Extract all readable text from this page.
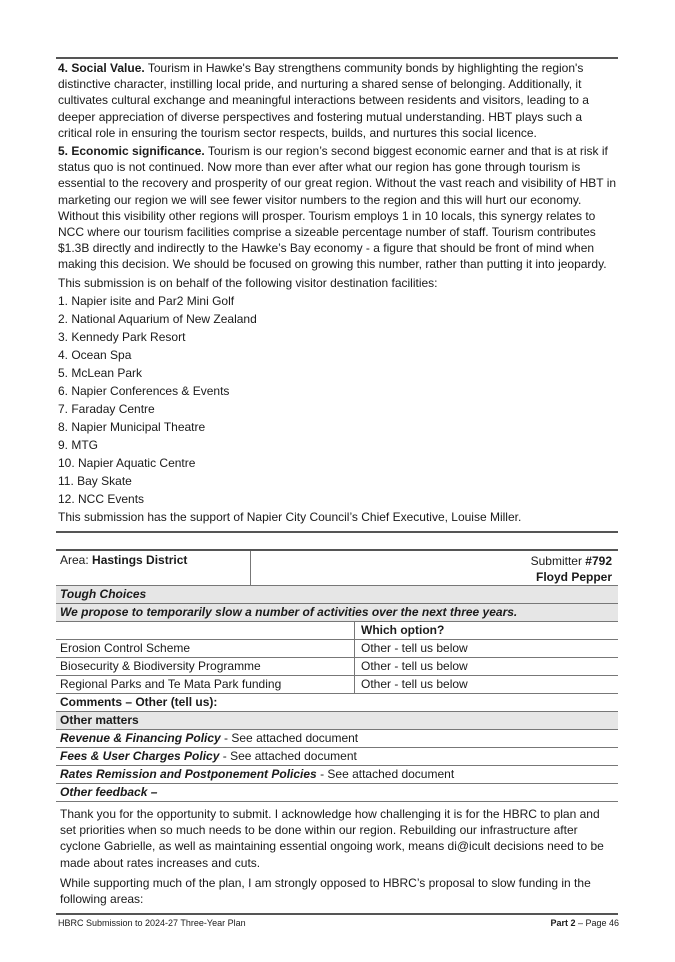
4. Social Value. Tourism in Hawke's Bay strengthens community bonds by highlighting the region's distinctive character, instilling local pride, and nurturing a shared sense of belonging. Additionally, it cultivates cultural exchange and meaningful interactions between residents and visitors, leading to a deeper appreciation of diverse perspectives and fostering mutual understanding. HBT plays such a critical role in ensuring the tourism sector respects, builds, and nurtures this social licence.

5. Economic significance. Tourism is our region’s second biggest economic earner and that is at risk if status quo is not continued. Now more than ever after what our region has gone through tourism is essential to the recovery and prosperity of our great region. Without the vast reach and visibility of HBT in marketing our region we will see fewer visitor numbers to the region and this will hurt our economy. Without this visibility other regions will prosper. Tourism employs 1 in 10 locals, this synergy relates to NCC where our tourism facilities comprise a sizeable percentage number of staff. Tourism contributes $1.3B directly and indirectly to the Hawke’s Bay economy - a figure that should be front of mind when making this decision. We should be focused on growing this number, rather than putting it into jeopardy.

This submission is on behalf of the following visitor destination facilities:

1. Napier isite and Par2 Mini Golf
2. National Aquarium of New Zealand
3. Kennedy Park Resort
4. Ocean Spa
5. McLean Park
6. Napier Conferences & Events
7. Faraday Centre
8. Napier Municipal Theatre
9. MTG
10. Napier Aquatic Centre
11. Bay Skate
12. NCC Events

This submission has the support of Napier City Council’s Chief Executive, Louise Miller.

Area: Hastings District	Submitter #792
Floyd Pepper
Tough Choices
We propose to temporarily slow a number of activities over the next three years.
Which option?
Erosion Control Scheme	Other - tell us below
Biosecurity & Biodiversity Programme	Other - tell us below
Regional Parks and Te Mata Park funding	Other - tell us below
Comments – Other (tell us):
Other matters
Revenue & Financing Policy - See attached document
Fees & User Charges Policy - See attached document
Rates Remission and Postponement Policies - See attached document
Other feedback –

Thank you for the opportunity to submit. I acknowledge how challenging it is for the HBRC to plan and set priorities when so much needs to be done within our region. Rebuilding our infrastructure after cyclone Gabrielle, as well as maintaining essential ongoing work, means di@icult decisions need to be made about rates increases and cuts.

While supporting much of the plan, I am strongly opposed to HBRC’s proposal to slow funding in the following areas:

HBRC Submission to 2024-27 Three-Year Plan	Part 2 – Page 46
